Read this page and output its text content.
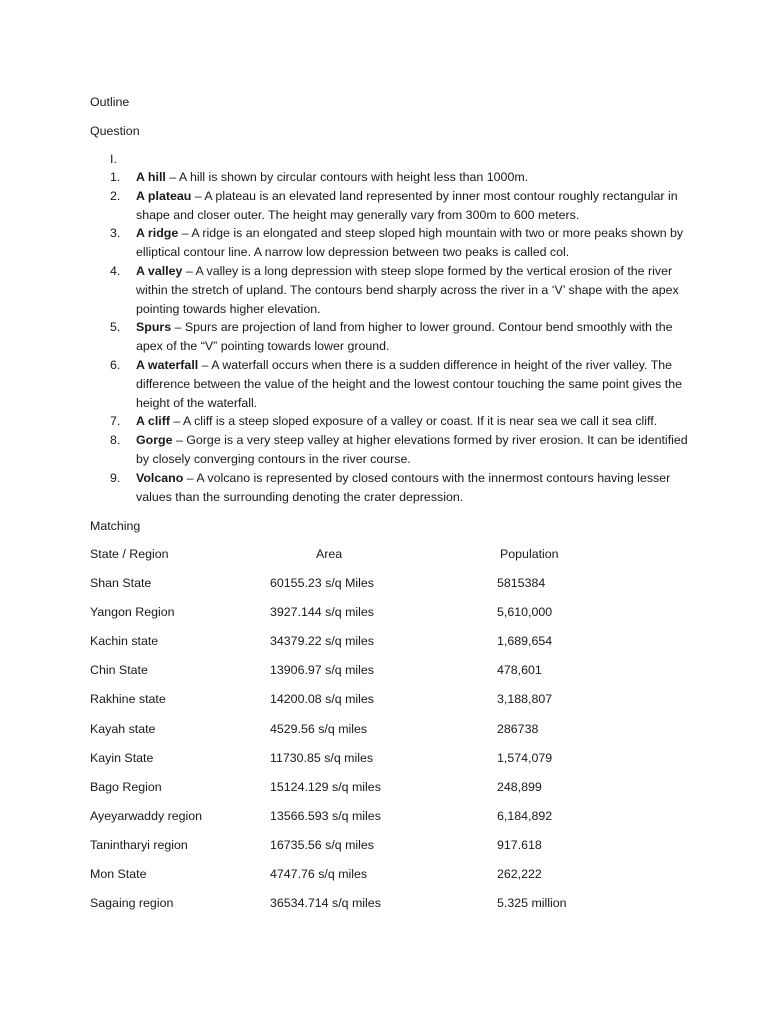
Outline
Question
I.
1. A hill – A hill is shown by circular contours with height less than 1000m.
2. A plateau – A plateau is an elevated land represented by inner most contour roughly rectangular in shape and closer outer. The height may generally vary from 300m to 600 meters.
3. A ridge – A ridge is an elongated and steep sloped high mountain with two or more peaks shown by elliptical contour line. A narrow low depression between two peaks is called col.
4. A valley – A valley is a long depression with steep slope formed by the vertical erosion of the river within the stretch of upland. The contours bend sharply across the river in a ‘V’ shape with the apex pointing towards higher elevation.
5. Spurs – Spurs are projection of land from higher to lower ground. Contour bend smoothly with the apex of the “V” pointing towards lower ground.
6. A waterfall – A waterfall occurs when there is a sudden difference in height of the river valley. The difference between the value of the height and the lowest contour touching the same point gives the height of the waterfall.
7. A cliff – A cliff is a steep sloped exposure of a valley or coast. If it is near sea we call it sea cliff.
8. Gorge – Gorge is a very steep valley at higher elevations formed by river erosion. It can be identified by closely converging contours in the river course.
9. Volcano – A volcano is represented by closed contours with the innermost contours having lesser values than the surrounding denoting the crater depression.
Matching
State / Region	Area	Population
Shan State	60155.23 s/q Miles	5815384
Yangon Region	3927.144 s/q miles	5,610,000
Kachin state	34379.22 s/q miles	1,689,654
Chin State	13906.97 s/q miles	478,601
Rakhine state	14200.08 s/q miles	3,188,807
Kayah state	4529.56 s/q miles	286738
Kayin State	11730.85 s/q miles	1,574,079
Bago Region	15124.129 s/q miles	248,899
Ayeyarwaddy region	13566.593 s/q miles	6,184,892
Tanintharyi region	16735.56 s/q miles	917.618
Mon State	4747.76 s/q miles	262,222
Sagaing region	36534.714 s/q miles	5.325 million
